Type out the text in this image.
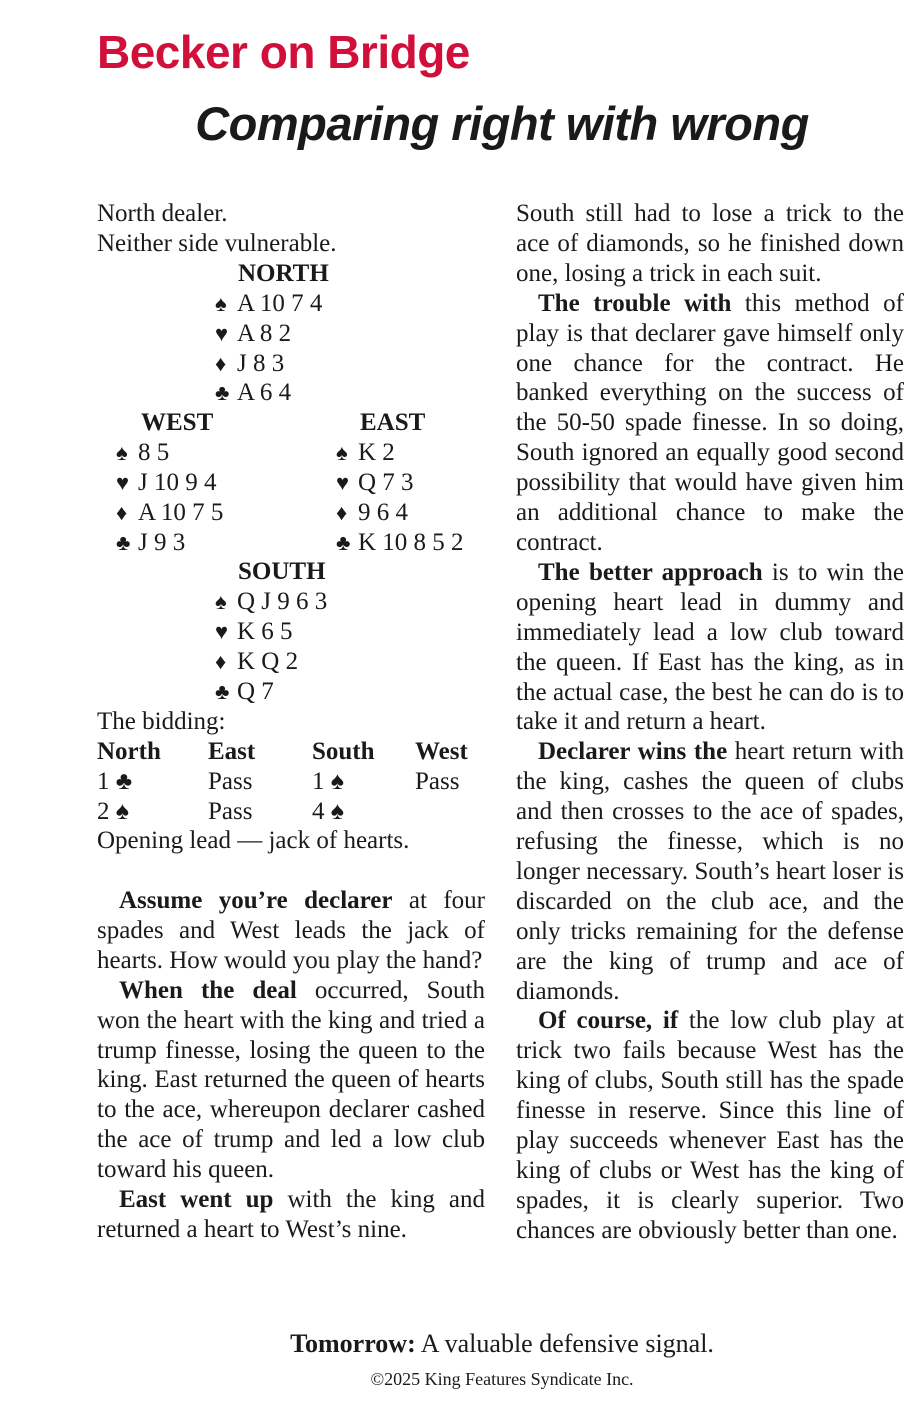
Becker on Bridge
Comparing right with wrong
North dealer.
Neither side vulnerable.
NORTH
♠ A 10 7 4
♥ A 8 2
♦ J 8 3
♣ A 6 4
WEST
♠ 8 5
♥ J 10 9 4
♦ A 10 7 5
♣ J 9 3
EAST
♠ K 2
♥ Q 7 3
♦ 9 6 4
♣ K 10 8 5 2
SOUTH
♠ Q J 9 6 3
♥ K 6 5
♦ K Q 2
♣ Q 7
The bidding:
North East South West
1 ♣	Pass 1 ♠	Pass
2 ♠	Pass 4 ♠
Opening lead — jack of hearts.

Assume you’re declarer at four spades and West leads the jack of hearts. How would you play the hand?

When the deal occurred, South won the heart with the king and tried a trump finesse, losing the queen to the king. East returned the queen of hearts to the ace, whereupon declarer cashed the ace of trump and led a low club toward his queen.

East went up with the king and returned a heart to West’s nine.

South still had to lose a trick to the ace of diamonds, so he finished down one, losing a trick in each suit.

The trouble with this method of play is that declarer gave himself only one chance for the contract. He banked everything on the success of the 50-50 spade finesse. In so doing, South ignored an equally good second possibility that would have given him an additional chance to make the contract.

The better approach is to win the opening heart lead in dummy and immediately lead a low club toward the queen. If East has the king, as in the actual case, the best he can do is to take it and return a heart.

Declarer wins the heart return with the king, cashes the queen of clubs and then crosses to the ace of spades, refusing the finesse, which is no longer necessary. South’s heart loser is discarded on the club ace, and the only tricks remaining for the defense are the king of trump and ace of diamonds.

Of course, if the low club play at trick two fails because West has the king of clubs, South still has the spade finesse in reserve. Since this line of play succeeds whenever East has the king of clubs or West has the king of spades, it is clearly superior. Two chances are obviously better than one.

Tomorrow: A valuable defensive signal.
©2025 King Features Syndicate Inc.
